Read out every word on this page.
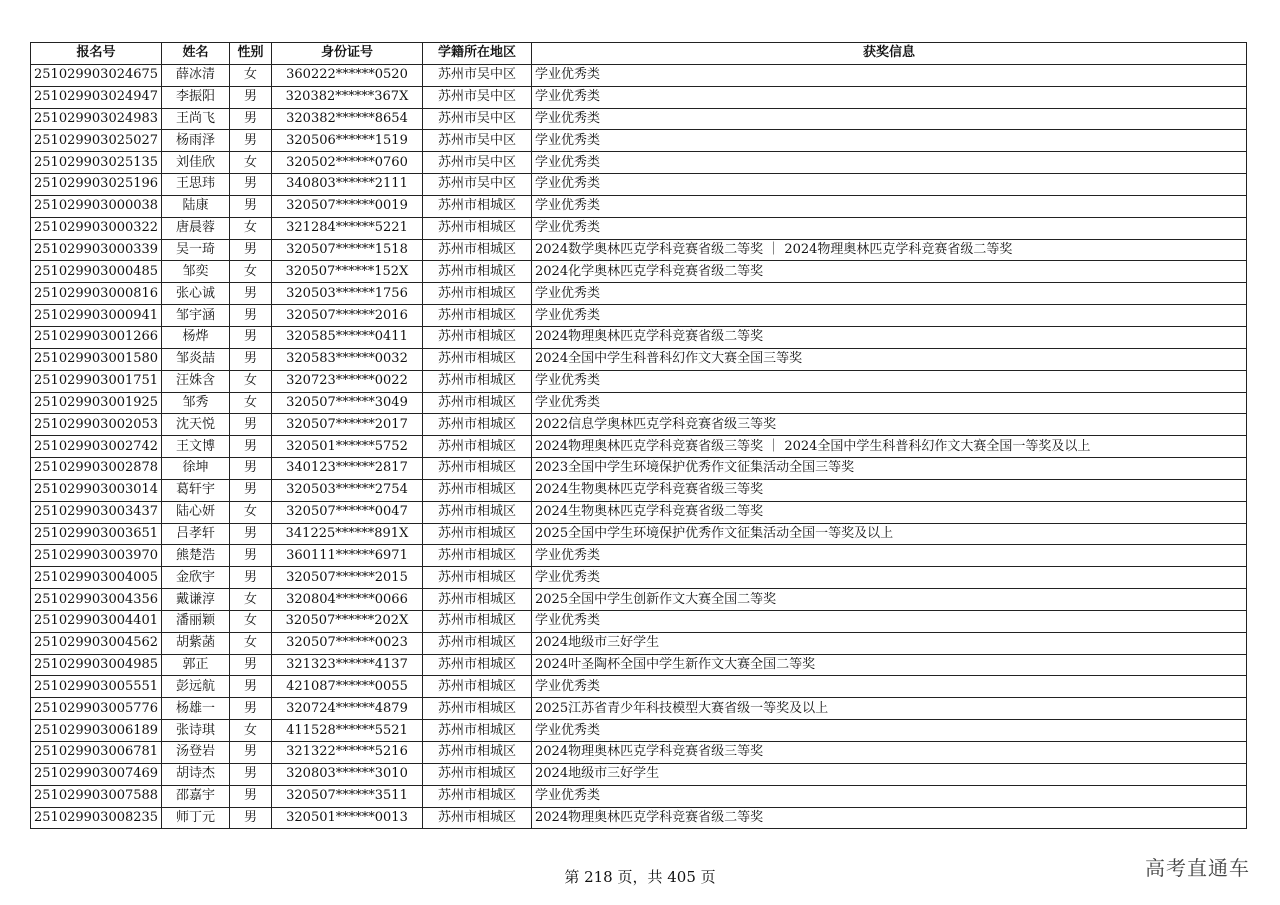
报名号	姓名	性别	身份证号	学籍所在地区	获奖信息
251029903024675	薛冰清	女	360222******0520	苏州市吴中区	学业优秀类
251029903024947	李振阳	男	320382******367X	苏州市吴中区	学业优秀类
251029903024983	王尚飞	男	320382******8654	苏州市吴中区	学业优秀类
251029903025027	杨雨泽	男	320506******1519	苏州市吴中区	学业优秀类
251029903025135	刘佳欣	女	320502******0760	苏州市吴中区	学业优秀类
251029903025196	王思玮	男	340803******2111	苏州市吴中区	学业优秀类
251029903000038	陆康	男	320507******0019	苏州市相城区	学业优秀类
251029903000322	唐晨蓉	女	321284******5221	苏州市相城区	学业优秀类
251029903000339	吴一琦	男	320507******1518	苏州市相城区	2024数学奥林匹克学科竞赛省级二等奖 ｜ 2024物理奥林匹克学科竞赛省级二等奖
251029903000485	邹奕	女	320507******152X	苏州市相城区	2024化学奥林匹克学科竞赛省级二等奖
251029903000816	张心诚	男	320503******1756	苏州市相城区	学业优秀类
251029903000941	邹宇涵	男	320507******2016	苏州市相城区	学业优秀类
251029903001266	杨烨	男	320585******0411	苏州市相城区	2024物理奥林匹克学科竞赛省级二等奖
251029903001580	邹炎喆	男	320583******0032	苏州市相城区	2024全国中学生科普科幻作文大赛全国三等奖
251029903001751	汪姝含	女	320723******0022	苏州市相城区	学业优秀类
251029903001925	邹秀	女	320507******3049	苏州市相城区	学业优秀类
251029903002053	沈天悦	男	320507******2017	苏州市相城区	2022信息学奥林匹克学科竞赛省级三等奖
251029903002742	王文博	男	320501******5752	苏州市相城区	2024物理奥林匹克学科竞赛省级三等奖 ｜ 2024全国中学生科普科幻作文大赛全国一等奖及以上
251029903002878	徐坤	男	340123******2817	苏州市相城区	2023全国中学生环境保护优秀作文征集活动全国三等奖
251029903003014	葛轩宇	男	320503******2754	苏州市相城区	2024生物奥林匹克学科竞赛省级三等奖
251029903003437	陆心妍	女	320507******0047	苏州市相城区	2024生物奥林匹克学科竞赛省级二等奖
251029903003651	吕孝轩	男	341225******891X	苏州市相城区	2025全国中学生环境保护优秀作文征集活动全国一等奖及以上
251029903003970	熊楚浩	男	360111******6971	苏州市相城区	学业优秀类
251029903004005	金欣宇	男	320507******2015	苏州市相城区	学业优秀类
251029903004356	戴谦淳	女	320804******0066	苏州市相城区	2025全国中学生创新作文大赛全国二等奖
251029903004401	潘丽颖	女	320507******202X	苏州市相城区	学业优秀类
251029903004562	胡紫菡	女	320507******0023	苏州市相城区	2024地级市三好学生
251029903004985	郭正	男	321323******4137	苏州市相城区	2024叶圣陶杯全国中学生新作文大赛全国二等奖
251029903005551	彭远航	男	421087******0055	苏州市相城区	学业优秀类
251029903005776	杨雄一	男	320724******4879	苏州市相城区	2025江苏省青少年科技模型大赛省级一等奖及以上
251029903006189	张诗琪	女	411528******5521	苏州市相城区	学业优秀类
251029903006781	汤登岩	男	321322******5216	苏州市相城区	2024物理奥林匹克学科竞赛省级三等奖
251029903007469	胡诗杰	男	320803******3010	苏州市相城区	2024地级市三好学生
251029903007588	邵嘉宇	男	320507******3511	苏州市相城区	学业优秀类
251029903008235	师丁元	男	320501******0013	苏州市相城区	2024物理奥林匹克学科竞赛省级二等奖
第 218 页，共 405 页	高考直通车
